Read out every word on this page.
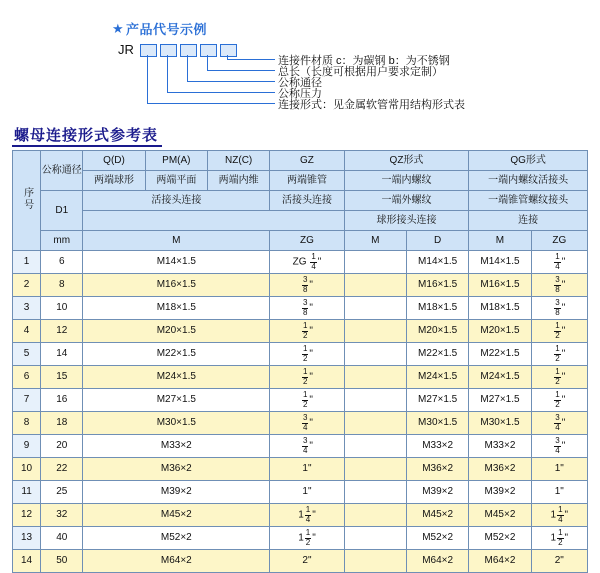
★ 产品代号示例
JR
连接件材质 c：为碳钢 b：为不锈钢
总长（长度可根据用户要求定制）
公称通径
公称压力
连接形式：见金属软管常用结构形式表
螺母连接形式参考表
序号	公称通径	Q(D)	PM(A)	NZ(C)	GZ	QZ形式		QG形式	
		两端球形	两端平面	两端内维	两端锥管	一端内螺纹		一端内螺纹活接头	
	D1	活接头连接			活接头连接	一端外螺纹		一端锥管螺纹接头	
						球形接头连接		连接	
	mm	M			ZG	M	D	M	ZG
1	6	M14×1.5			ZG $\frac{1}{4}$ "		M14×1.5	M14×1.5	$\frac{1}{4}$ "
2	8	M16×1.5			$\frac{3}{8}$ "		M16×1.5	M16×1.5	$\frac{3}{8}$ "
3	10	M18×1.5			$\frac{3}{8}$ "		M18×1.5	M18×1.5	$\frac{3}{8}$ "
4	12	M20×1.5			$\frac{1}{2}$ "		M20×1.5	M20×1.5	$\frac{1}{2}$ "
5	14	M22×1.5			$\frac{1}{2}$ "		M22×1.5	M22×1.5	$\frac{1}{2}$ "
6	15	M24×1.5			$\frac{1}{2}$ "		M24×1.5	M24×1.5	$\frac{1}{2}$ "
7	16	M27×1.5			$\frac{1}{2}$ "		M27×1.5	M27×1.5	$\frac{1}{2}$ "
8	18	M30×1.5			$\frac{3}{4}$ "		M30×1.5	M30×1.5	$\frac{3}{4}$ "
9	20	M33×2			$\frac{3}{4}$ "		M33×2	M33×2	$\frac{3}{4}$ "
10	22	M36×2			1"		M36×2	M36×2	1"
11	25	M39×2			1"		M39×2	M39×2	1"
12	32	M45×2			$1 \frac{1}{4}$ "		M45×2	M45×2	$1 \frac{1}{4}$ "
13	40	M52×2			$1 \frac{1}{2}$ "		M52×2	M52×2	$1 \frac{1}{2}$ "
14	50	M64×2			2"		M64×2	M64×2	2"
